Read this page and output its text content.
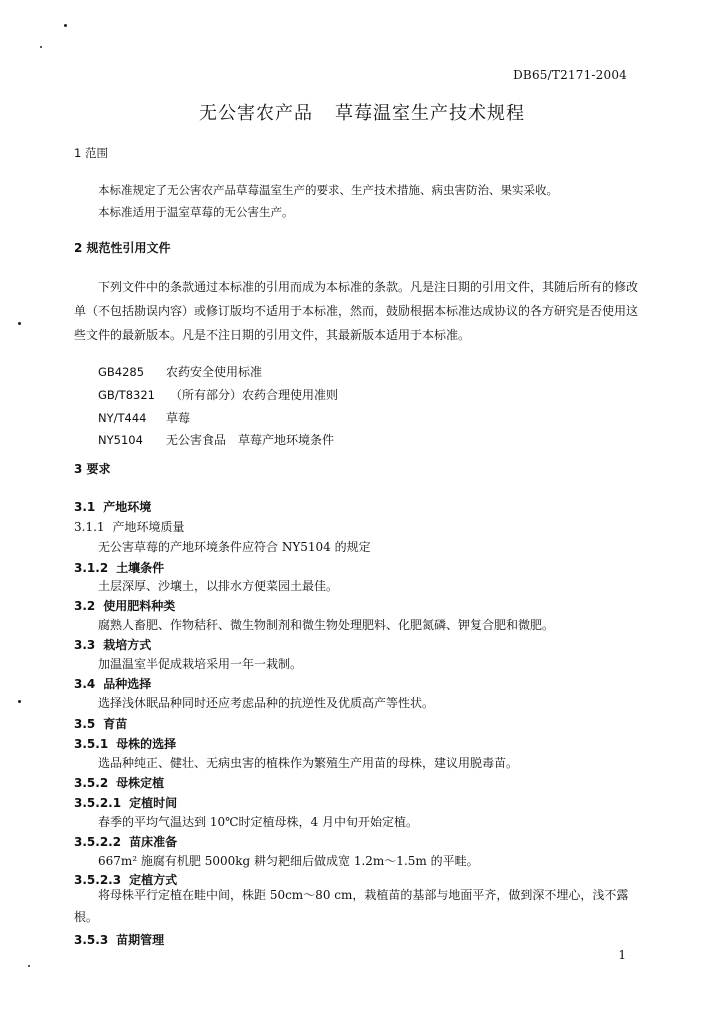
DB65/T2171-2004
无公害农产品 草莓温室生产技术规程
1 范围
本标准规定了无公害农产品草莓温室生产的要求、生产技术措施、病虫害防治、果实采收。
本标准适用于温室草莓的无公害生产。
2 规范性引用文件
下列文件中的条款通过本标准的引用而成为本标准的条款。凡是注日期的引用文件，其随后所有的修改单（不包括勘误内容）或修订版均不适用于本标准，然而，鼓励根据本标准达成协议的各方研究是否使用这些文件的最新版本。凡是不注日期的引用文件，其最新版本适用于本标准。
GB4285 农药安全使用标准
GB/T8321 （所有部分）农药合理使用准则
NY/T444 草莓
NY5104 无公害食品　草莓产地环境条件
3 要求
3.1 产地环境
3.1.1 产地环境质量
无公害草莓的产地环境条件应符合 NY5104 的规定
3.1.2 土壤条件
土层深厚、沙壤土，以排水方便菜园土最佳。
3.2 使用肥料种类
腐熟人畜肥、作物秸秆、微生物制剂和微生物处理肥料、化肥氮磷、钾复合肥和微肥。
3.3 栽培方式
加温温室半促成栽培采用一年一栽制。
3.4 品种选择
选择浅休眠品种同时还应考虑品种的抗逆性及优质高产等性状。
3.5 育苗
3.5.1 母株的选择
选品种纯正、健壮、无病虫害的植株作为繁殖生产用苗的母株，建议用脱毒苗。
3.5.2 母株定植
3.5.2.1 定植时间
春季的平均气温达到 10℃时定植母株，4 月中旬开始定植。
3.5.2.2 苗床准备
667m² 施腐有机肥 5000kg 耕匀耙细后做成宽 1.2m～1.5m 的平畦。
3.5.2.3 定植方式
将母株平行定植在畦中间，株距 50cm～80 cm，栽植苗的基部与地面平齐，做到深不埋心，浅不露根。
3.5.3 苗期管理
1
